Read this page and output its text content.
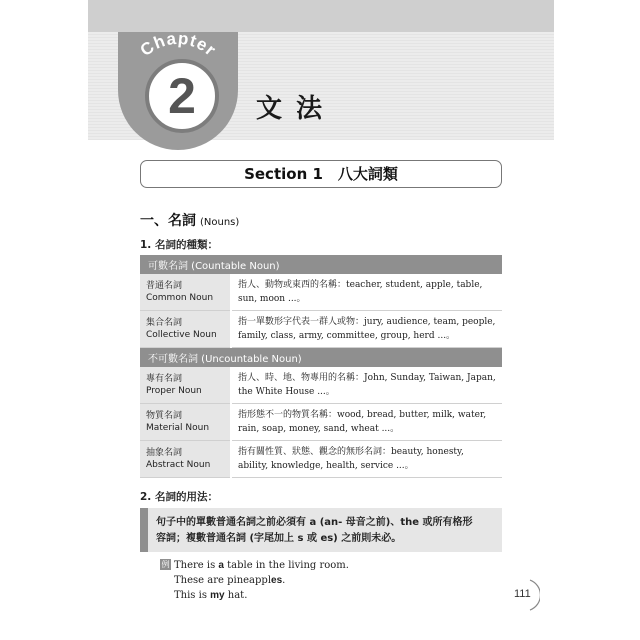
Chapter
2	文法
Section 1　八大詞類
一、名詞 (Nouns)
1. 名詞的種類：
可數名詞 (Countable Noun)	

普通名詞
Common Noun	指人、動物或東西的名稱：teacher, student, apple, table, sun, moon ...。

集合名詞
Collective Noun	指一單數形字代表一群人或物：jury, audience, team, people, family, class, army, committee, group, herd ...。
不可數名詞 (Uncountable Noun)	

專有名詞
Proper Noun	指人、時、地、物專用的名稱：John, Sunday, Taiwan, Japan, the White House ...。

物質名詞
Material Noun	指形態不一的物質名稱：wood, bread, butter, milk, water, rain, soap, money, sand, wheat ...。

抽象名詞
Abstract Noun	指有關性質、狀態、觀念的無形名詞：beauty, honesty, ability, knowledge, health, service ...。
2. 名詞的用法：
句子中的單數普通名詞之前必須有 a (an- 母音之前)、the 或所有格形
容詞；複數普通名詞 (字尾加上 s 或 es) 之前則未必。
例 There is a table in the living room.
These are pineapples.
This is my hat.	111
